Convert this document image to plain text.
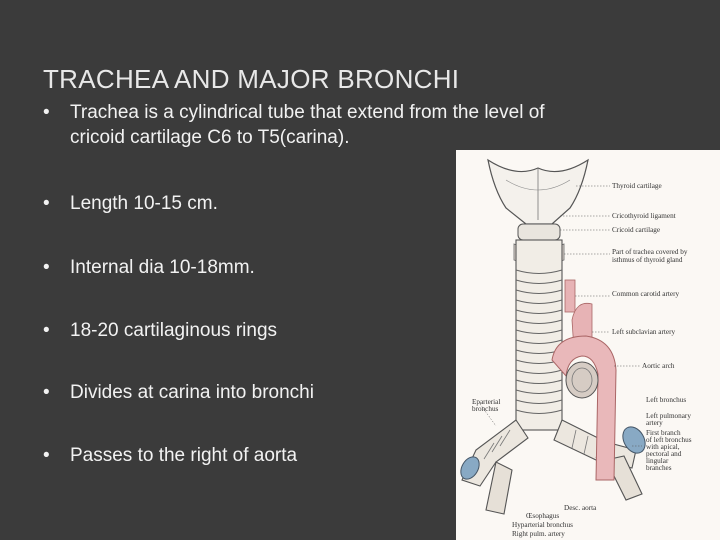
TRACHEA AND MAJOR BRONCHI
•	Trachea is a cylindrical tube that extend from the level of
cricoid cartilage C6 to T5(carina).
•	Length 10-15 cm.
•	Internal dia 10-18mm.
•	18-20 cartilaginous rings
•	Divides at carina into bronchi
•	Passes to the right of aorta
Thyroid cartilage
Cricothyroid ligament
Cricoid cartilage
Part of trachea covered by
isthmus of thyroid gland
Common carotid artery
Left subclavian artery
Aortic arch
Left bronchus
Left pulmonary
artery
First branch
of left bronchus
with apical,
pectoral and
lingular
branches
Eparterial
bronchus
Desc. aorta
Œsophagus
Hyparterial bronchus
Right pulm. artery
